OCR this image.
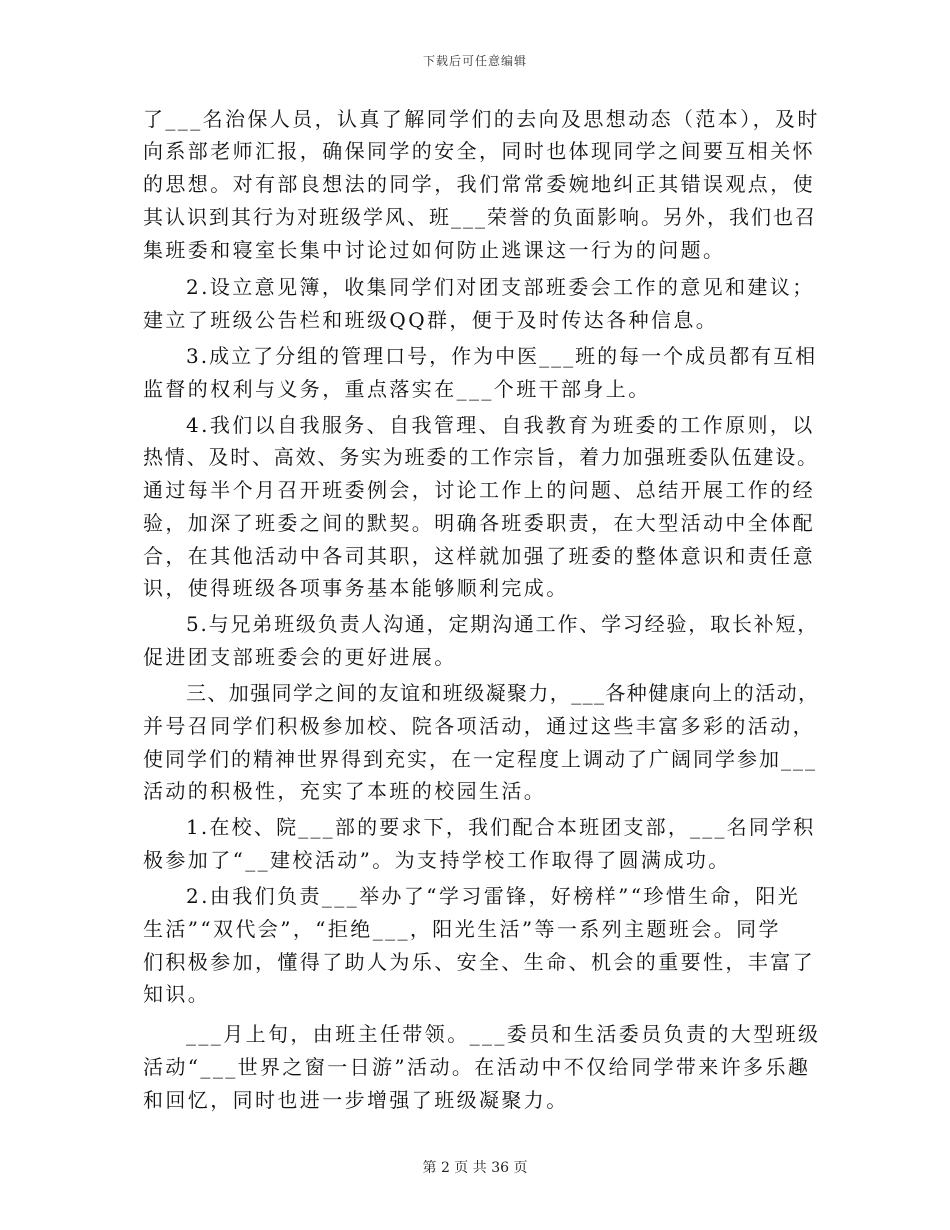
下载后可任意编辑
了___名治保人员，认真了解同学们的去向及思想动态（范本），及时
向系部老师汇报，确保同学的安全，同时也体现同学之间要互相关怀
的思想。对有部良想法的同学，我们常常委婉地纠正其错误观点，使
其认识到其行为对班级学风、班___荣誉的负面影响。另外，我们也召
集班委和寝室长集中讨论过如何防止逃课这一行为的问题。
2.设立意见簿，收集同学们对团支部班委会工作的意见和建议；
建立了班级公告栏和班级QQ群，便于及时传达各种信息。
3.成立了分组的管理口号，作为中医___班的每一个成员都有互相
监督的权利与义务，重点落实在___个班干部身上。
4.我们以自我服务、自我管理、自我教育为班委的工作原则，以
热情、及时、高效、务实为班委的工作宗旨，着力加强班委队伍建设。
通过每半个月召开班委例会，讨论工作上的问题、总结开展工作的经
验，加深了班委之间的默契。明确各班委职责，在大型活动中全体配
合，在其他活动中各司其职，这样就加强了班委的整体意识和责任意
识，使得班级各项事务基本能够顺利完成。
5.与兄弟班级负责人沟通，定期沟通工作、学习经验，取长补短，
促进团支部班委会的更好进展。
三、加强同学之间的友谊和班级凝聚力，___各种健康向上的活动，
并号召同学们积极参加校、院各项活动，通过这些丰富多彩的活动，
使同学们的精神世界得到充实，在一定程度上调动了广阔同学参加___
活动的积极性，充实了本班的校园生活。
1.在校、院___部的要求下，我们配合本班团支部，___名同学积
极参加了“__建校活动”。为支持学校工作取得了圆满成功。
2.由我们负责___举办了“学习雷锋，好榜样”“珍惜生命，阳光
生活”“双代会”，“拒绝___，阳光生活”等一系列主题班会。同学
们积极参加，懂得了助人为乐、安全、生命、机会的重要性，丰富了
知识。
___月上旬，由班主任带领。___委员和生活委员负责的大型班级
活动“___世界之窗一日游”活动。在活动中不仅给同学带来许多乐趣
和回忆，同时也进一步增强了班级凝聚力。
第 2 页 共 36 页
